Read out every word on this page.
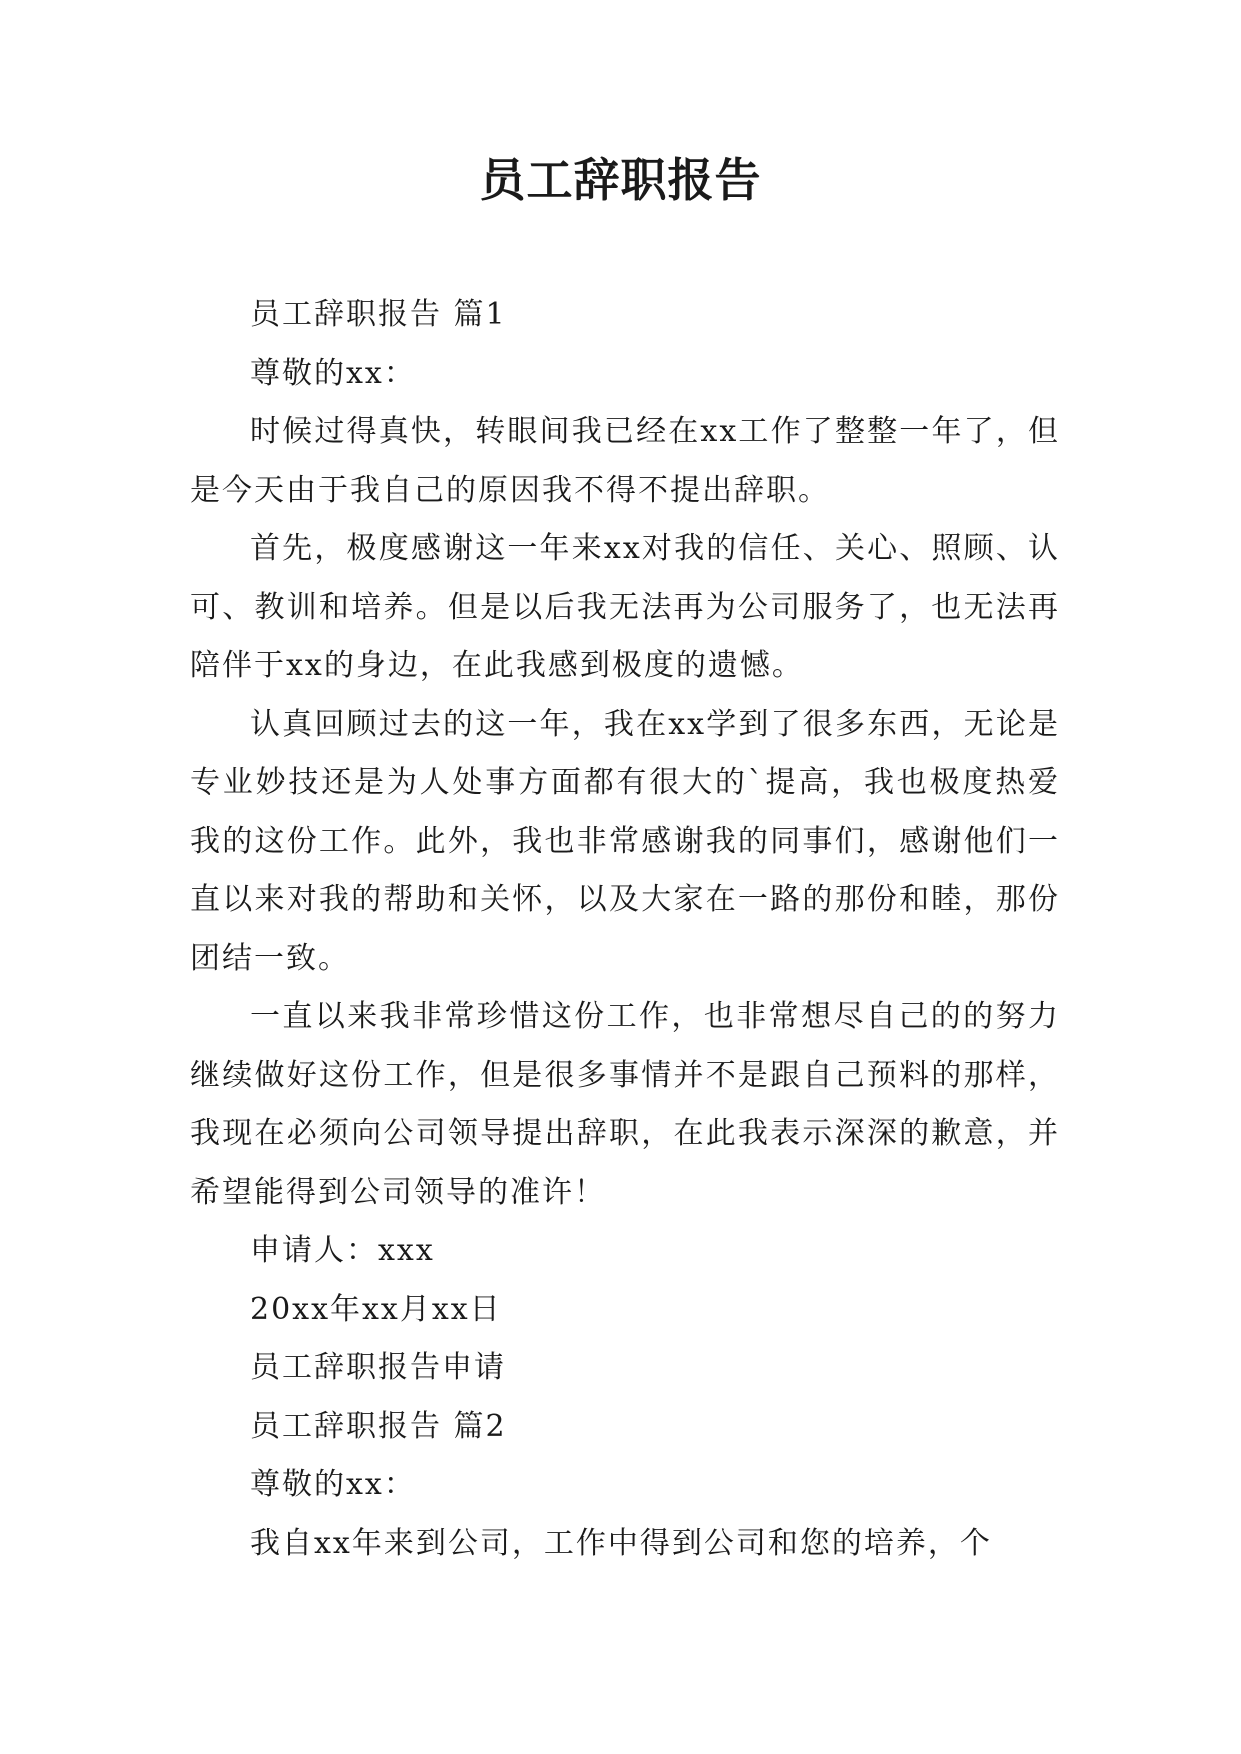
员工辞职报告

员工辞职报告 篇1

尊敬的xx：

时候过得真快，转眼间我已经在xx工作了整整一年了，但是今天由于我自己的原因我不得不提出辞职。

首先，极度感谢这一年来xx对我的信任、关心、照顾、认可、教训和培养。但是以后我无法再为公司服务了，也无法再陪伴于xx的身边，在此我感到极度的遗憾。

认真回顾过去的这一年，我在xx学到了很多东西，无论是专业妙技还是为人处事方面都有很大的`提高，我也极度热爱我的这份工作。此外，我也非常感谢我的同事们，感谢他们一直以来对我的帮助和关怀，以及大家在一路的那份和睦，那份团结一致。

一直以来我非常珍惜这份工作，也非常想尽自己的的努力继续做好这份工作，但是很多事情并不是跟自己预料的那样，我现在必须向公司领导提出辞职，在此我表示深深的歉意，并希望能得到公司领导的准许！

申请人：xxx

20xx年xx月xx日

员工辞职报告申请

员工辞职报告 篇2

尊敬的xx：

我自xx年来到公司，工作中得到公司和您的培养，个
